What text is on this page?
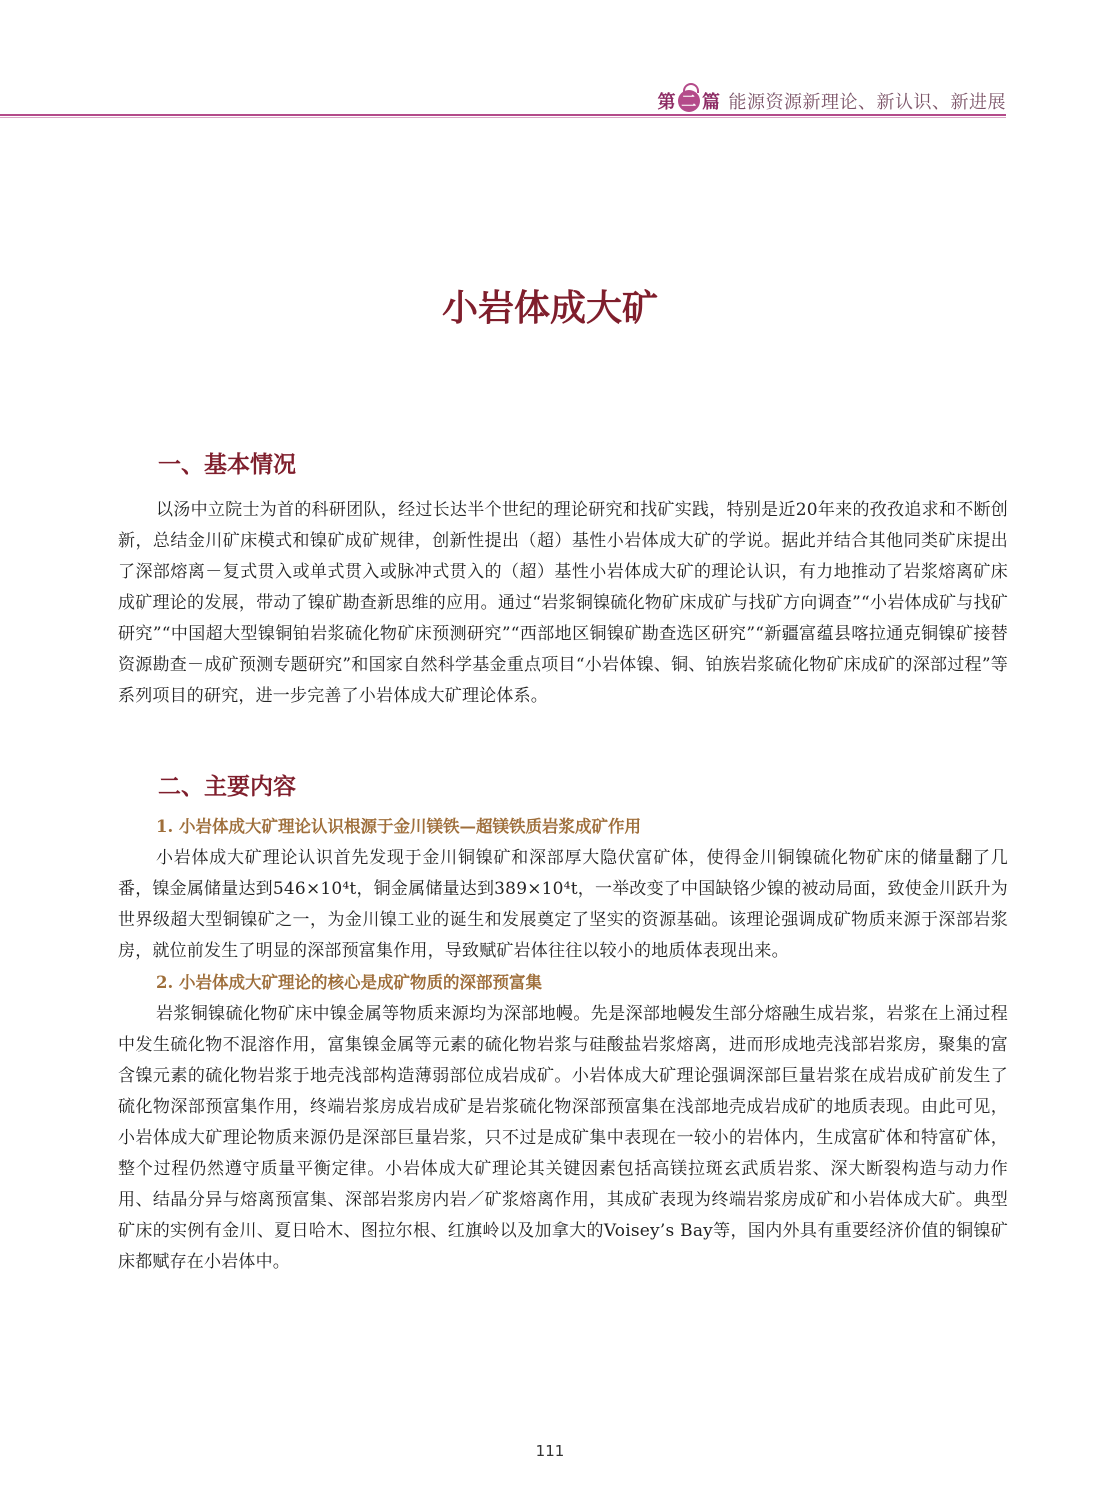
第 二 篇 能源资源新理论、新认识、新进展
小岩体成大矿
一、基本情况

以汤中立院士为首的科研团队，经过长达半个世纪的理论研究和找矿实践，特别是近20年来的孜孜追求和不断创新，总结金川矿床模式和镍矿成矿规律，创新性提出（超）基性小岩体成大矿的学说。据此并结合其他同类矿床提出了深部熔离－复式贯入或单式贯入或脉冲式贯入的（超）基性小岩体成大矿的理论认识，有力地推动了岩浆熔离矿床成矿理论的发展，带动了镍矿勘查新思维的应用。通过“岩浆铜镍硫化物矿床成矿与找矿方向调查”“小岩体成矿与找矿研究”“中国超大型镍铜铂岩浆硫化物矿床预测研究”“西部地区铜镍矿勘查选区研究”“新疆富蕴县喀拉通克铜镍矿接替资源勘查－成矿预测专题研究”和国家自然科学基金重点项目“小岩体镍、铜、铂族岩浆硫化物矿床成矿的深部过程”等系列项目的研究，进一步完善了小岩体成大矿理论体系。

二、主要内容
1. 小岩体成大矿理论认识根源于金川镁铁—超镁铁质岩浆成矿作用

小岩体成大矿理论认识首先发现于金川铜镍矿和深部厚大隐伏富矿体，使得金川铜镍硫化物矿床的储量翻了几番，镍金属储量达到546×10⁴t，铜金属储量达到389×10⁴t，一举改变了中国缺铬少镍的被动局面，致使金川跃升为世界级超大型铜镍矿之一，为金川镍工业的诞生和发展奠定了坚实的资源基础。该理论强调成矿物质来源于深部岩浆房，就位前发生了明显的深部预富集作用，导致赋矿岩体往往以较小的地质体表现出来。

2. 小岩体成大矿理论的核心是成矿物质的深部预富集

岩浆铜镍硫化物矿床中镍金属等物质来源均为深部地幔。先是深部地幔发生部分熔融生成岩浆，岩浆在上涌过程中发生硫化物不混溶作用，富集镍金属等元素的硫化物岩浆与硅酸盐岩浆熔离，进而形成地壳浅部岩浆房，聚集的富含镍元素的硫化物岩浆于地壳浅部构造薄弱部位成岩成矿。小岩体成大矿理论强调深部巨量岩浆在成岩成矿前发生了硫化物深部预富集作用，终端岩浆房成岩成矿是岩浆硫化物深部预富集在浅部地壳成岩成矿的地质表现。由此可见，小岩体成大矿理论物质来源仍是深部巨量岩浆，只不过是成矿集中表现在一较小的岩体内，生成富矿体和特富矿体，整个过程仍然遵守质量平衡定律。小岩体成大矿理论其关键因素包括高镁拉斑玄武质岩浆、深大断裂构造与动力作用、结晶分异与熔离预富集、深部岩浆房内岩／矿浆熔离作用，其成矿表现为终端岩浆房成矿和小岩体成大矿。典型矿床的实例有金川、夏日哈木、图拉尔根、红旗岭以及加拿大的Voisey’s Bay等，国内外具有重要经济价值的铜镍矿床都赋存在小岩体中。

111
